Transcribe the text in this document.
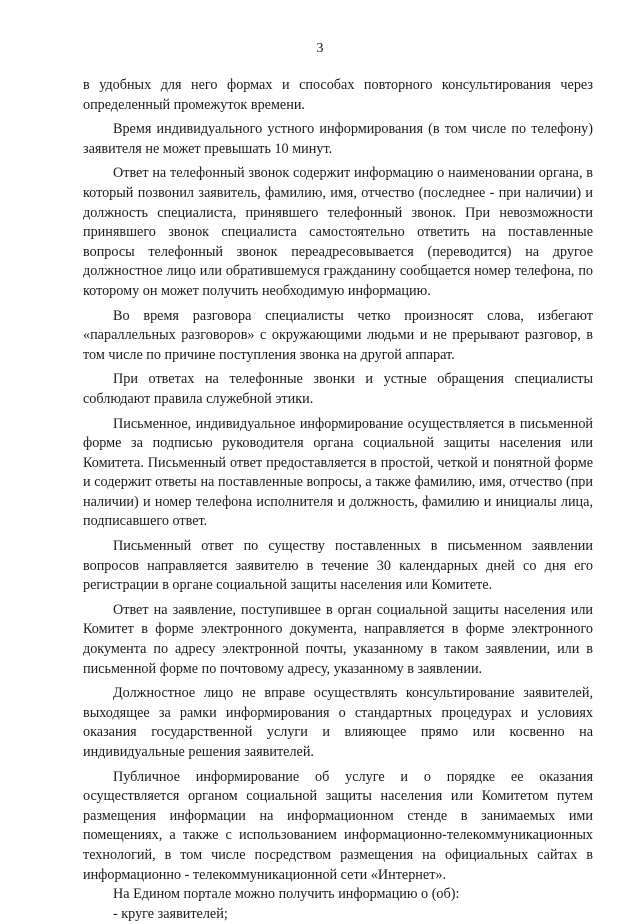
3

в удобных для него формах и способах повторного консультирования через определенный промежуток времени.

Время индивидуального устного информирования (в том числе по телефону) заявителя не может превышать 10 минут.

Ответ на телефонный звонок содержит информацию о наименовании органа, в который позвонил заявитель, фамилию, имя, отчество (последнее - при наличии) и должность специалиста, принявшего телефонный звонок. При невозможности принявшего звонок специалиста самостоятельно ответить на поставленные вопросы телефонный звонок переадресовывается (переводится) на другое должностное лицо или обратившемуся гражданину сообщается номер телефона, по которому он может получить необходимую информацию.

Во время разговора специалисты четко произносят слова, избегают «параллельных разговоров» с окружающими людьми и не прерывают разговор, в том числе по причине поступления звонка на другой аппарат.

При ответах на телефонные звонки и устные обращения специалисты соблюдают правила служебной этики.

Письменное, индивидуальное информирование осуществляется в письменной форме за подписью руководителя органа социальной защиты населения или Комитета. Письменный ответ предоставляется в простой, четкой и понятной форме и содержит ответы на поставленные вопросы, а также фамилию, имя, отчество (при наличии) и номер телефона исполнителя и должность, фамилию и инициалы лица, подписавшего ответ.

Письменный ответ по существу поставленных в письменном заявлении вопросов направляется заявителю в течение 30 календарных дней со дня его регистрации в органе социальной защиты населения или Комитете.

Ответ на заявление, поступившее в орган социальной защиты населения или Комитет в форме электронного документа, направляется в форме электронного документа по адресу электронной почты, указанному в таком заявлении, или в письменной форме по почтовому адресу, указанному в заявлении.

Должностное лицо не вправе осуществлять консультирование заявителей, выходящее за рамки информирования о стандартных процедурах и условиях оказания государственной услуги и влияющее прямо или косвенно на индивидуальные решения заявителей.

Публичное информирование об услуге и о порядке ее оказания осуществляется органом социальной защиты населения или Комитетом путем размещения информации на информационном стенде в занимаемых ими помещениях, а также с использованием информационно-телекоммуникационных технологий, в том числе посредством размещения на официальных сайтах в информационно - телекоммуникационной сети «Интернет».

На Едином портале можно получить информацию о (об):

- круге заявителей;
